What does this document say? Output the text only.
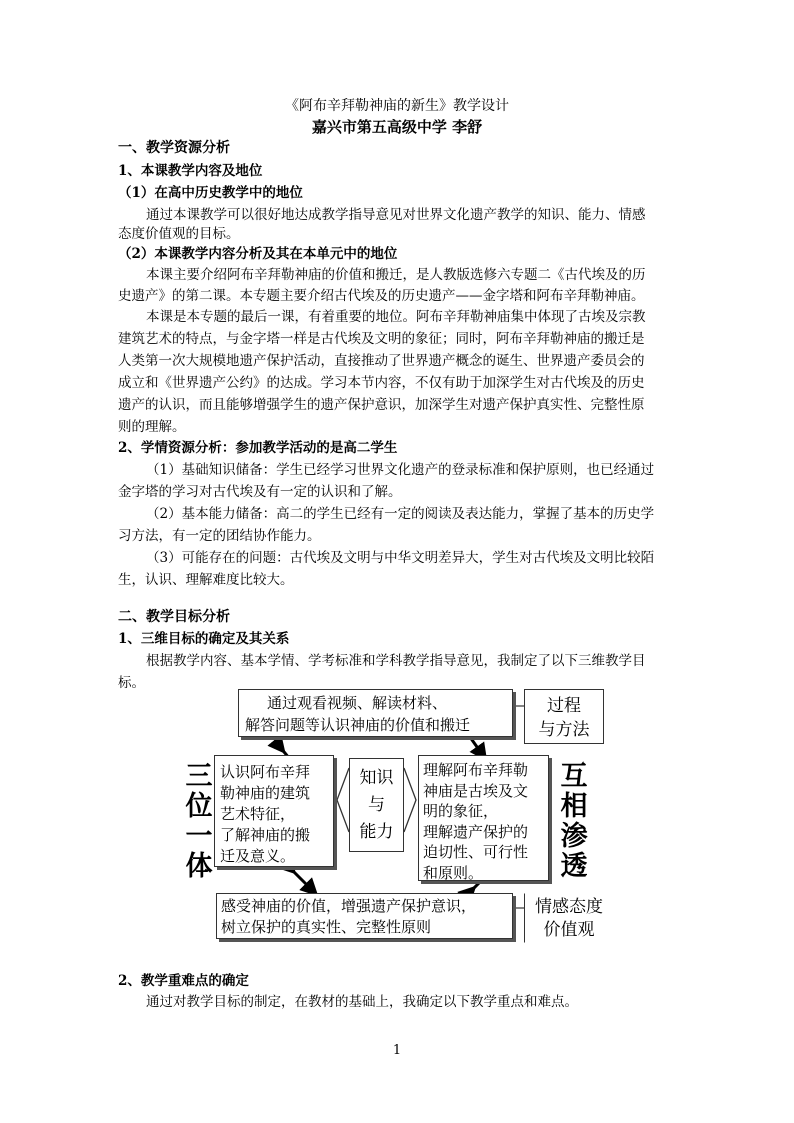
《阿布辛拜勒神庙的新生》教学设计
嘉兴市第五高级中学 李舒
一、教学资源分析
1、本课教学内容及地位
（1）在高中历史教学中的地位
通过本课教学可以很好地达成教学指导意见对世界文化遗产教学的知识、能力、情感
态度价值观的目标。
（2）本课教学内容分析及其在本单元中的地位
本课主要介绍阿布辛拜勒神庙的价值和搬迁，是人教版选修六专题二《古代埃及的历
史遗产》的第二课。本专题主要介绍古代埃及的历史遗产——金字塔和阿布辛拜勒神庙。
本课是本专题的最后一课，有着重要的地位。阿布辛拜勒神庙集中体现了古埃及宗教
建筑艺术的特点，与金字塔一样是古代埃及文明的象征；同时，阿布辛拜勒神庙的搬迁是
人类第一次大规模地遗产保护活动，直接推动了世界遗产概念的诞生、世界遗产委员会的
成立和《世界遗产公约》的达成。学习本节内容，不仅有助于加深学生对古代埃及的历史
遗产的认识，而且能够增强学生的遗产保护意识，加深学生对遗产保护真实性、完整性原
则的理解。
2、学情资源分析：参加教学活动的是高二学生
（1）基础知识储备：学生已经学习世界文化遗产的登录标准和保护原则，也已经通过
金字塔的学习对古代埃及有一定的认识和了解。
（2）基本能力储备：高二的学生已经有一定的阅读及表达能力，掌握了基本的历史学
习方法，有一定的团结协作能力。
（3）可能存在的问题：古代埃及文明与中华文明差异大，学生对古代埃及文明比较陌
生，认识、理解难度比较大。
二、教学目标分析
1、三维目标的确定及其关系
根据教学内容、基本学情、学考标准和学科教学指导意见，我制定了以下三维教学目
标。
通过观看视频、解读材料、
解答问题等认识神庙的价值和搬迁
过程
与方法
认识阿布辛拜
勒神庙的建筑
艺术特征，
了解神庙的搬
迁及意义。
知识
与
能力
理解阿布辛拜勒
神庙是古埃及文
明的象征，
理解遗产保护的
迫切性、可行性
和原则。
感受神庙的价值，增强遗产保护意识，
树立保护的真实性、完整性原则
情感态度
价值观
三
位
一
体
互
相
渗
透
2、教学重难点的确定
通过对教学目标的制定，在教材的基础上，我确定以下教学重点和难点。
1
